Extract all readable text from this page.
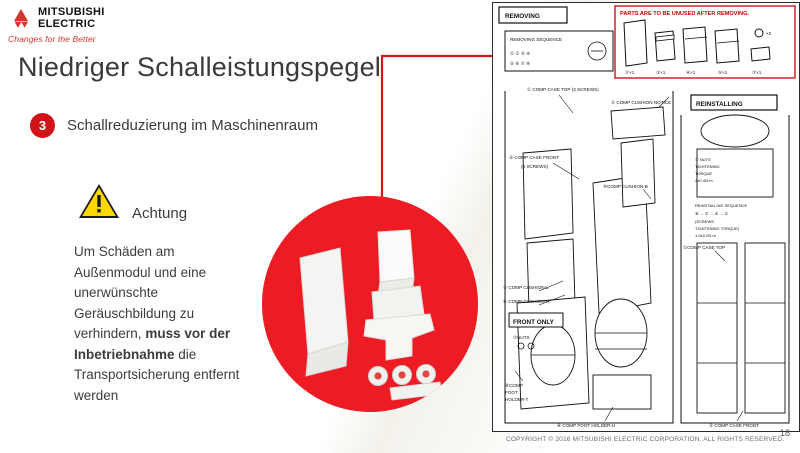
MITSUBISHI
ELECTRIC
Changes for the Better
Niedriger Schalleistungspegel
3	Schallreduzierung im Maschinenraum
Achtung
Um Schäden am Außenmodul und eine unerwünschte Geräuschbildung zu verhindern, muss vor der Inbetriebnahme die Transportsicherung entfernt werden
REMOVING	PARTS ARE TO BE UNUSED AFTER REMOVING.
×2
②×1	③×1	④×1	⑤×1	⑦×1
REMOVING SEQUENCE
① ② ③ ④
⑤ ⑥ ⑦ ⑧
REINSTALLING
FRONT ONLY
⑦NUTS
⑦ NUTS
TIGHTENING
TORQUE
4±0.4N·m
REINSTALLING SEQUENCE
⑧ → ⑦ → ③ → ①
(SCREWS
TIGHTENING TORQUE)
1.5±0.2N·m
①COMP CASE TOP
③ COMP CASE FRONT
① COMP CASE TOP (3 SCREWS)
② COMP CUSHION NOTICE
③ COMP CASE FRONT
(6 SCREWS)
④COMP CUSHION-B
⑤ COMP CUSHION-L
⑥ COMP CUSHION-R
⑧COMP
FOOT
HOLDER-T
⑧ COMP FOOT HOLDER-U
COPYRIGHT © 2016 MITSUBISHI ELECTRIC CORPORATION. ALL RIGHTS RESERVED.
18
